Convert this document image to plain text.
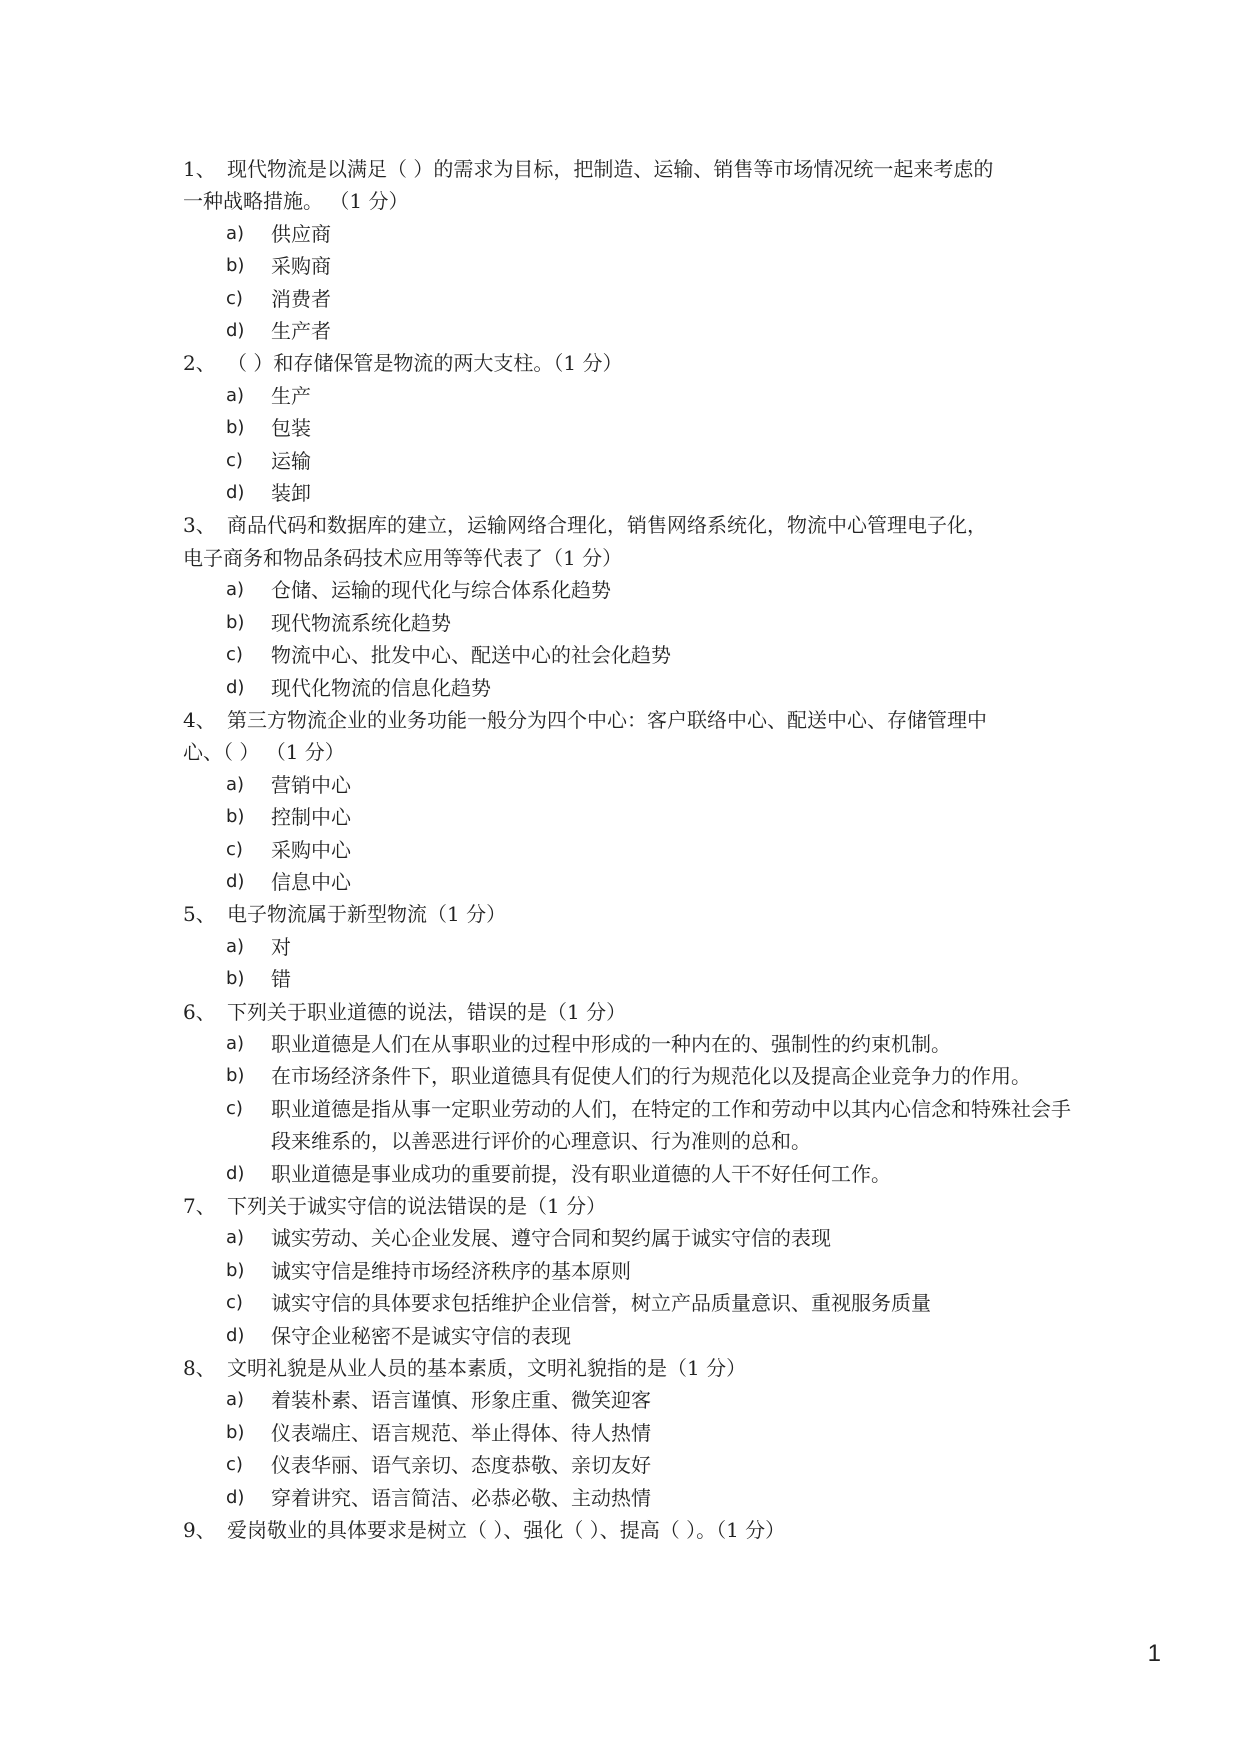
1、 现代物流是以满足（ ）的需求为目标，把制造、运输、销售等市场情况统一起来考虑的
一种战略措施。 （1 分）
a)	供应商
b)	采购商
c)	消费者
d)	生产者
2、 （ ）和存储保管是物流的两大支柱。（1 分）
a)	生产
b)	包装
c)	运输
d)	装卸
3、 商品代码和数据库的建立，运输网络合理化，销售网络系统化，物流中心管理电子化，
电子商务和物品条码技术应用等等代表了（1 分）
a)	仓储、运输的现代化与综合体系化趋势
b)	现代物流系统化趋势
c)	物流中心、批发中心、配送中心的社会化趋势
d)	现代化物流的信息化趋势
4、 第三方物流企业的业务功能一般分为四个中心：客户联络中心、配送中心、存储管理中
心、（ ） （1 分）
a)	营销中心
b)	控制中心
c)	采购中心
d)	信息中心
5、 电子物流属于新型物流（1 分）
a)	对
b)	错
6、 下列关于职业道德的说法，错误的是（1 分）
a)	职业道德是人们在从事职业的过程中形成的一种内在的、强制性的约束机制。
b)	在市场经济条件下，职业道德具有促使人们的行为规范化以及提高企业竞争力的作用。
c)	职业道德是指从事一定职业劳动的人们，在特定的工作和劳动中以其内心信念和特殊社会手段来维系的，以善恶进行评价的心理意识、行为准则的总和。
d)	职业道德是事业成功的重要前提，没有职业道德的人干不好任何工作。
7、 下列关于诚实守信的说法错误的是（1 分）
a)	诚实劳动、关心企业发展、遵守合同和契约属于诚实守信的表现
b)	诚实守信是维持市场经济秩序的基本原则
c)	诚实守信的具体要求包括维护企业信誉，树立产品质量意识、重视服务质量
d)	保守企业秘密不是诚实守信的表现
8、 文明礼貌是从业人员的基本素质，文明礼貌指的是（1 分）
a)	着装朴素、语言谨慎、形象庄重、微笑迎客
b)	仪表端庄、语言规范、举止得体、待人热情
c)	仪表华丽、语气亲切、态度恭敬、亲切友好
d)	穿着讲究、语言简洁、必恭必敬、主动热情
9、 爱岗敬业的具体要求是树立（ ）、强化（ ）、提高（ ）。（1 分）
1
